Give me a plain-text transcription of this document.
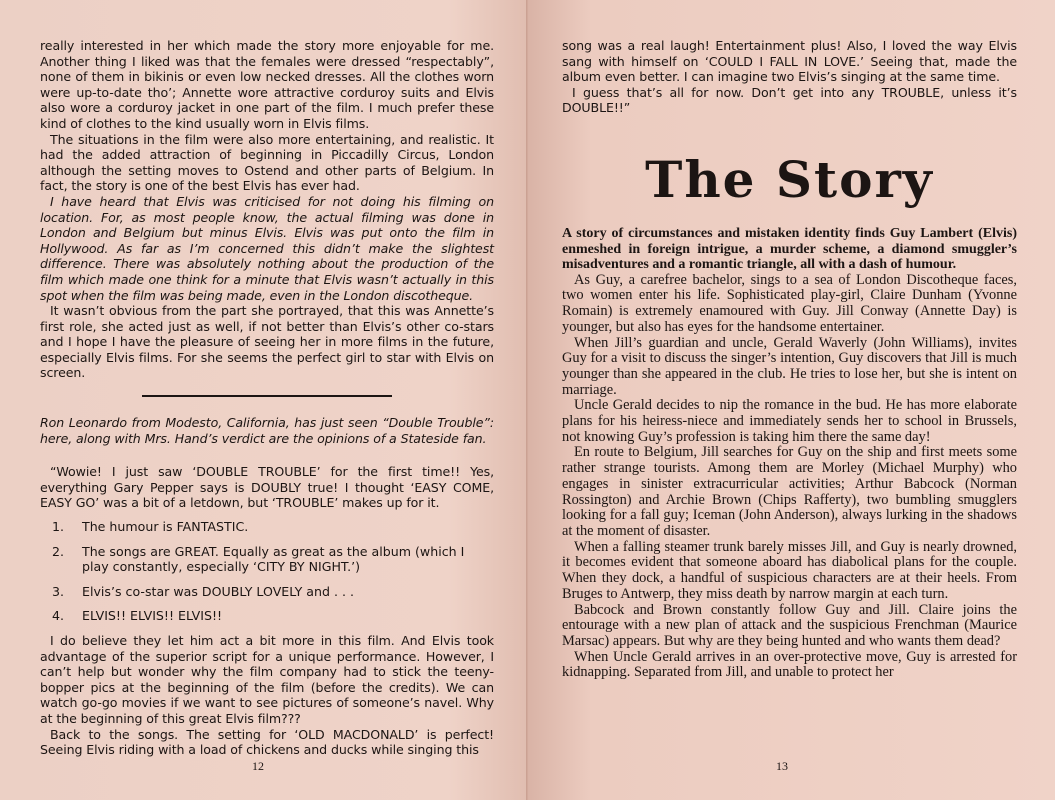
really interested in her which made the story more enjoyable for me. Another thing I liked was that the females were dressed “respectably”, none of them in bikinis or even low necked dresses. All the clothes worn were up-to-date tho’; Annette wore attractive corduroy suits and Elvis also wore a corduroy jacket in one part of the film. I much prefer these kind of clothes to the kind usually worn in Elvis films.

The situations in the film were also more entertaining, and realistic. It had the added attraction of beginning in Piccadilly Circus, London although the setting moves to Ostend and other parts of Belgium. In fact, the story is one of the best Elvis has ever had.

I have heard that Elvis was criticised for not doing his filming on location. For, as most people know, the actual filming was done in London and Belgium but minus Elvis. Elvis was put onto the film in Hollywood. As far as I’m concerned this didn’t make the slightest difference. There was absolutely nothing about the production of the film which made one think for a minute that Elvis wasn’t actually in this spot when the film was being made, even in the London discotheque.

It wasn’t obvious from the part she portrayed, that this was Annette’s first role, she acted just as well, if not better than Elvis’s other co-stars and I hope I have the pleasure of seeing her in more films in the future, especially Elvis films. For she seems the perfect girl to star with Elvis on screen.

Ron Leonardo from Modesto, California, has just seen “Double Trouble”: here, along with Mrs. Hand’s verdict are the opinions of a Stateside fan.

“Wowie! I just saw ‘DOUBLE TROUBLE’ for the first time!! Yes, everything Gary Pepper says is DOUBLY true! I thought ‘EASY COME, EASY GO’ was a bit of a letdown, but ‘TROUBLE’ makes up for it.

1.	The humour is FANTASTIC.
2.	The songs are GREAT. Equally as great as the album (which I play constantly, especially ‘CITY BY NIGHT.’)
3.	Elvis’s co-star was DOUBLY LOVELY and . . .
4.	ELVIS!! ELVIS!! ELVIS!!

I do believe they let him act a bit more in this film. And Elvis took advantage of the superior script for a unique performance. However, I can’t help but wonder why the film company had to stick the teeny-bopper pics at the beginning of the film (before the credits). We can watch go-go movies if we want to see pictures of someone’s navel. Why at the beginning of this great Elvis film???

Back to the songs. The setting for ‘OLD MACDONALD’ is perfect! Seeing Elvis riding with a load of chickens and ducks while singing this

12

song was a real laugh! Entertainment plus! Also, I loved the way Elvis sang with himself on ‘COULD I FALL IN LOVE.’ Seeing that, made the album even better. I can imagine two Elvis’s singing at the same time.

I guess that’s all for now. Don’t get into any TROUBLE, unless it’s DOUBLE!!”

The Story

A story of circumstances and mistaken identity finds Guy Lambert (Elvis) enmeshed in foreign intrigue, a murder scheme, a diamond smuggler’s misadventures and a romantic triangle, all with a dash of humour.

As Guy, a carefree bachelor, sings to a sea of London Discotheque faces, two women enter his life. Sophisticated play-girl, Claire Dunham (Yvonne Romain) is extremely enamoured with Guy. Jill Conway (Annette Day) is younger, but also has eyes for the handsome entertainer.

When Jill’s guardian and uncle, Gerald Waverly (John Williams), invites Guy for a visit to discuss the singer’s intention, Guy discovers that Jill is much younger than she appeared in the club. He tries to lose her, but she is intent on marriage.

Uncle Gerald decides to nip the romance in the bud. He has more elaborate plans for his heiress-niece and immediately sends her to school in Brussels, not knowing Guy’s profession is taking him there the same day!

En route to Belgium, Jill searches for Guy on the ship and first meets some rather strange tourists. Among them are Morley (Michael Murphy) who engages in sinister extracurricular activities; Arthur Babcock (Norman Rossington) and Archie Brown (Chips Rafferty), two bumbling smugglers looking for a fall guy; Iceman (John Anderson), always lurking in the shadows at the moment of disaster.

When a falling steamer trunk barely misses Jill, and Guy is nearly drowned, it becomes evident that someone aboard has diabolical plans for the couple. When they dock, a handful of suspicious characters are at their heels. From Bruges to Antwerp, they miss death by narrow margin at each turn.

Babcock and Brown constantly follow Guy and Jill. Claire joins the entourage with a new plan of attack and the suspicious Frenchman (Maurice Marsac) appears. But why are they being hunted and who wants them dead?

When Uncle Gerald arrives in an over-protective move, Guy is arrested for kidnapping. Separated from Jill, and unable to protect her

13
